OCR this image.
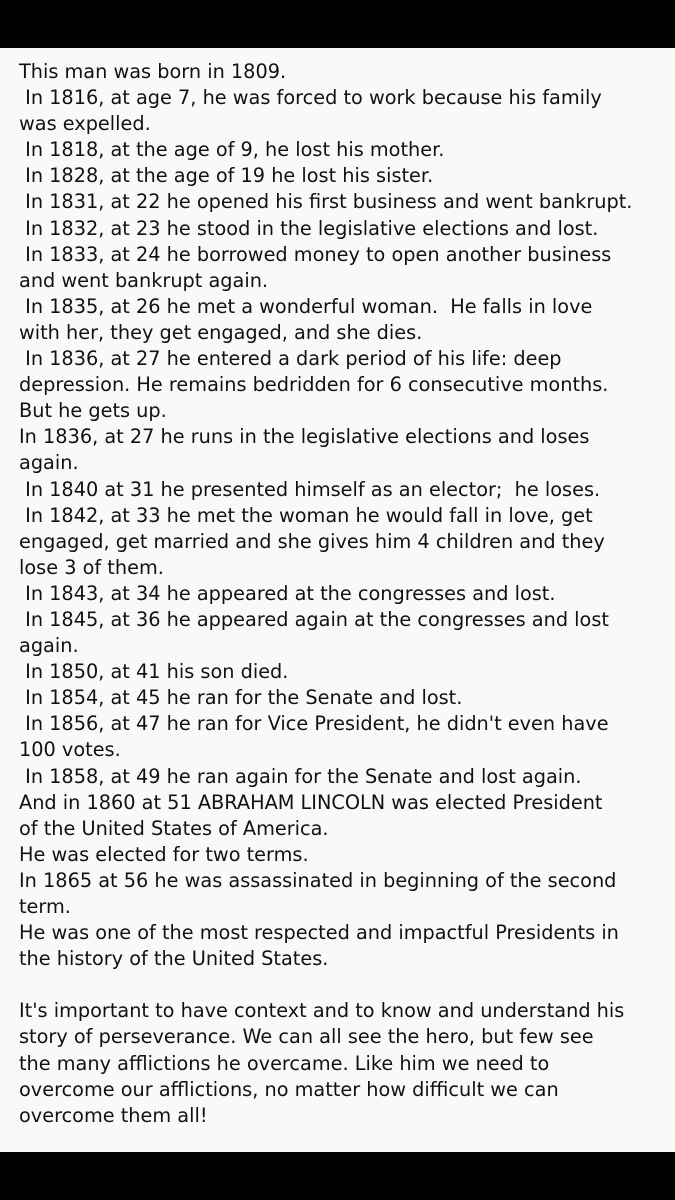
This man was born in 1809.
In 1816, at age 7, he was forced to work because his family
was expelled.
In 1818, at the age of 9, he lost his mother.
In 1828, at the age of 19 he lost his sister.
In 1831, at 22 he opened his first business and went bankrupt.
In 1832, at 23 he stood in the legislative elections and lost.
In 1833, at 24 he borrowed money to open another business
and went bankrupt again.
In 1835, at 26 he met a wonderful woman.  He falls in love
with her, they get engaged, and she dies.
In 1836, at 27 he entered a dark period of his life: deep
depression. He remains bedridden for 6 consecutive months.
But he gets up.
In 1836, at 27 he runs in the legislative elections and loses
again.
In 1840 at 31 he presented himself as an elector;  he loses.
In 1842, at 33 he met the woman he would fall in love, get
engaged, get married and she gives him 4 children and they
lose 3 of them.
In 1843, at 34 he appeared at the congresses and lost.
In 1845, at 36 he appeared again at the congresses and lost
again.
In 1850, at 41 his son died.
In 1854, at 45 he ran for the Senate and lost.
In 1856, at 47 he ran for Vice President, he didn't even have
100 votes.
In 1858, at 49 he ran again for the Senate and lost again.
And in 1860 at 51 ABRAHAM LINCOLN was elected President
of the United States of America.
He was elected for two terms.
In 1865 at 56 he was assassinated in beginning of the second
term.
He was one of the most respected and impactful Presidents in
the history of the United States.
It's important to have context and to know and understand his
story of perseverance. We can all see the hero, but few see
the many afflictions he overcame. Like him we need to
overcome our afflictions, no matter how difficult we can
overcome them all!
